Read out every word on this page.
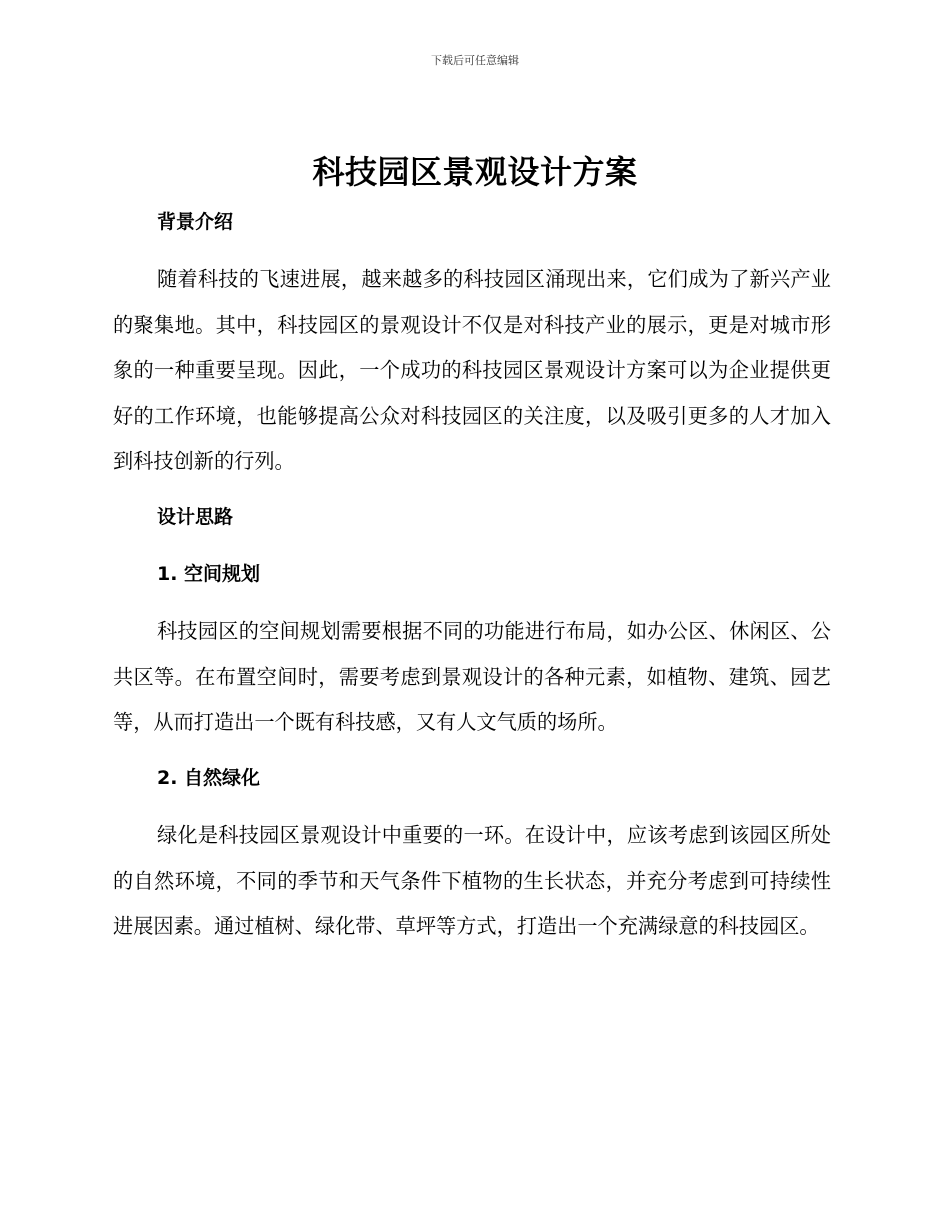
下载后可任意编辑
科技园区景观设计方案
背景介绍

随着科技的飞速进展，越来越多的科技园区涌现出来，它们成为了新兴产业的聚集地。其中，科技园区的景观设计不仅是对科技产业的展示，更是对城市形象的一种重要呈现。因此，一个成功的科技园区景观设计方案可以为企业提供更好的工作环境，也能够提高公众对科技园区的关注度，以及吸引更多的人才加入到科技创新的行列。

设计思路
1. 空间规划

科技园区的空间规划需要根据不同的功能进行布局，如办公区、休闲区、公共区等。在布置空间时，需要考虑到景观设计的各种元素，如植物、建筑、园艺等，从而打造出一个既有科技感，又有人文气质的场所。

2. 自然绿化

绿化是科技园区景观设计中重要的一环。在设计中，应该考虑到该园区所处的自然环境，不同的季节和天气条件下植物的生长状态，并充分考虑到可持续性进展因素。通过植树、绿化带、草坪等方式，打造出一个充满绿意的科技园区。
